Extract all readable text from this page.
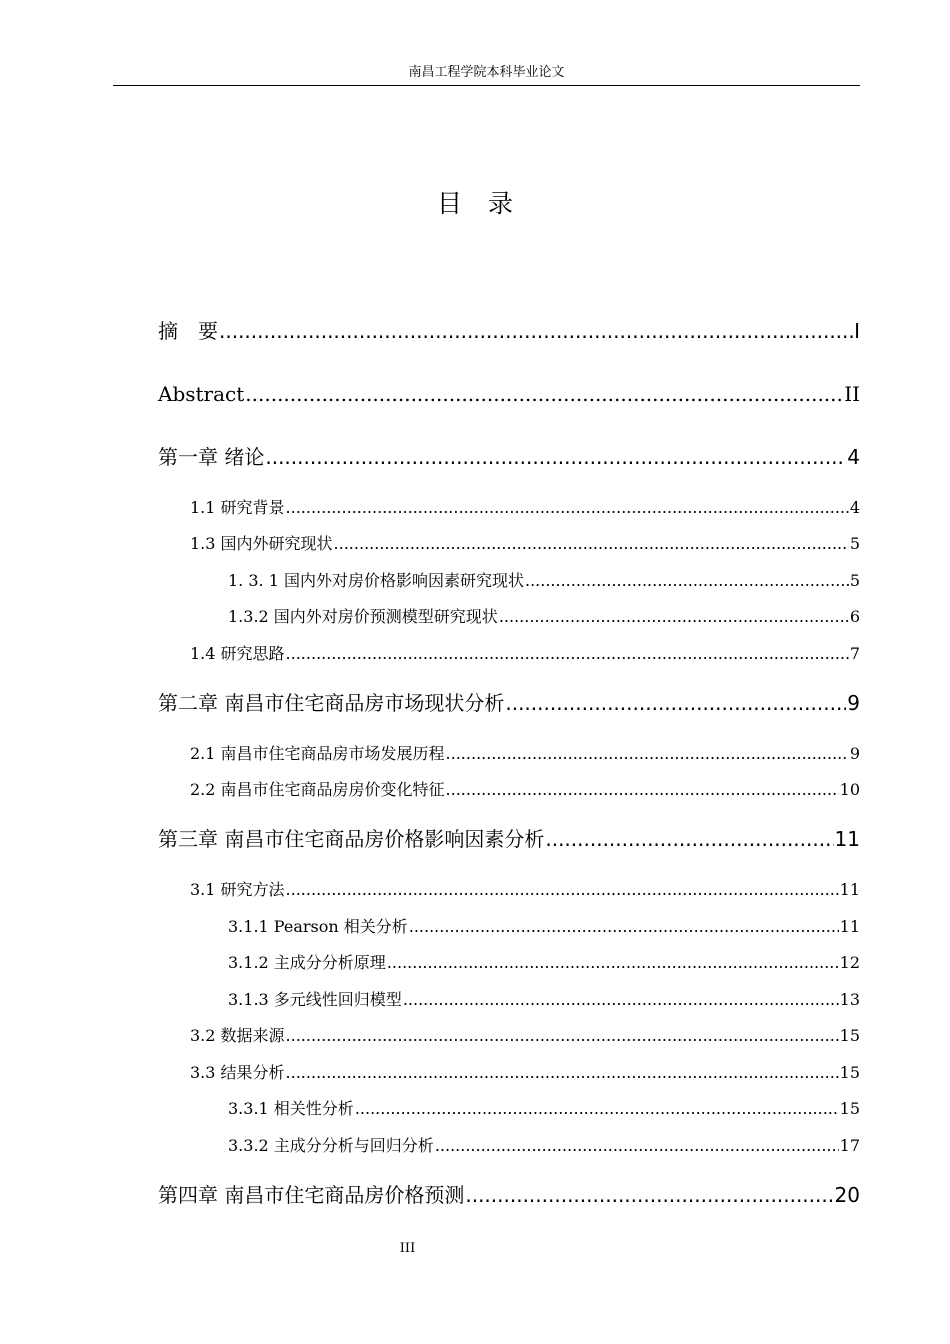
南昌工程学院本科毕业论文
目 录
摘　要 .....	I
Abstract .....	II
第一章 绪论 .....	4
1.1 研究背景 .....	4
1.3 国内外研究现状 .....	5
1. 3. 1 国内外对房价格影响因素研究现状 .....	5
1.3.2 国内外对房价预测模型研究现状 .....	6
1.4 研究思路 .....	7
第二章 南昌市住宅商品房市场现状分析 .....	9
2.1 南昌市住宅商品房市场发展历程 .....	9
2.2 南昌市住宅商品房房价变化特征 .....	10
第三章 南昌市住宅商品房价格影响因素分析 .....	11
3.1 研究方法 .....	11
3.1.1 Pearson 相关分析 .....	11
3.1.2 主成分分析原理 .....	12
3.1.3 多元线性回归模型 .....	13
3.2 数据来源 .....	15
3.3 结果分析 .....	15
3.3.1 相关性分析 .....	15
3.3.2 主成分分析与回归分析 .....	17
第四章 南昌市住宅商品房价格预测 .....	20
III
